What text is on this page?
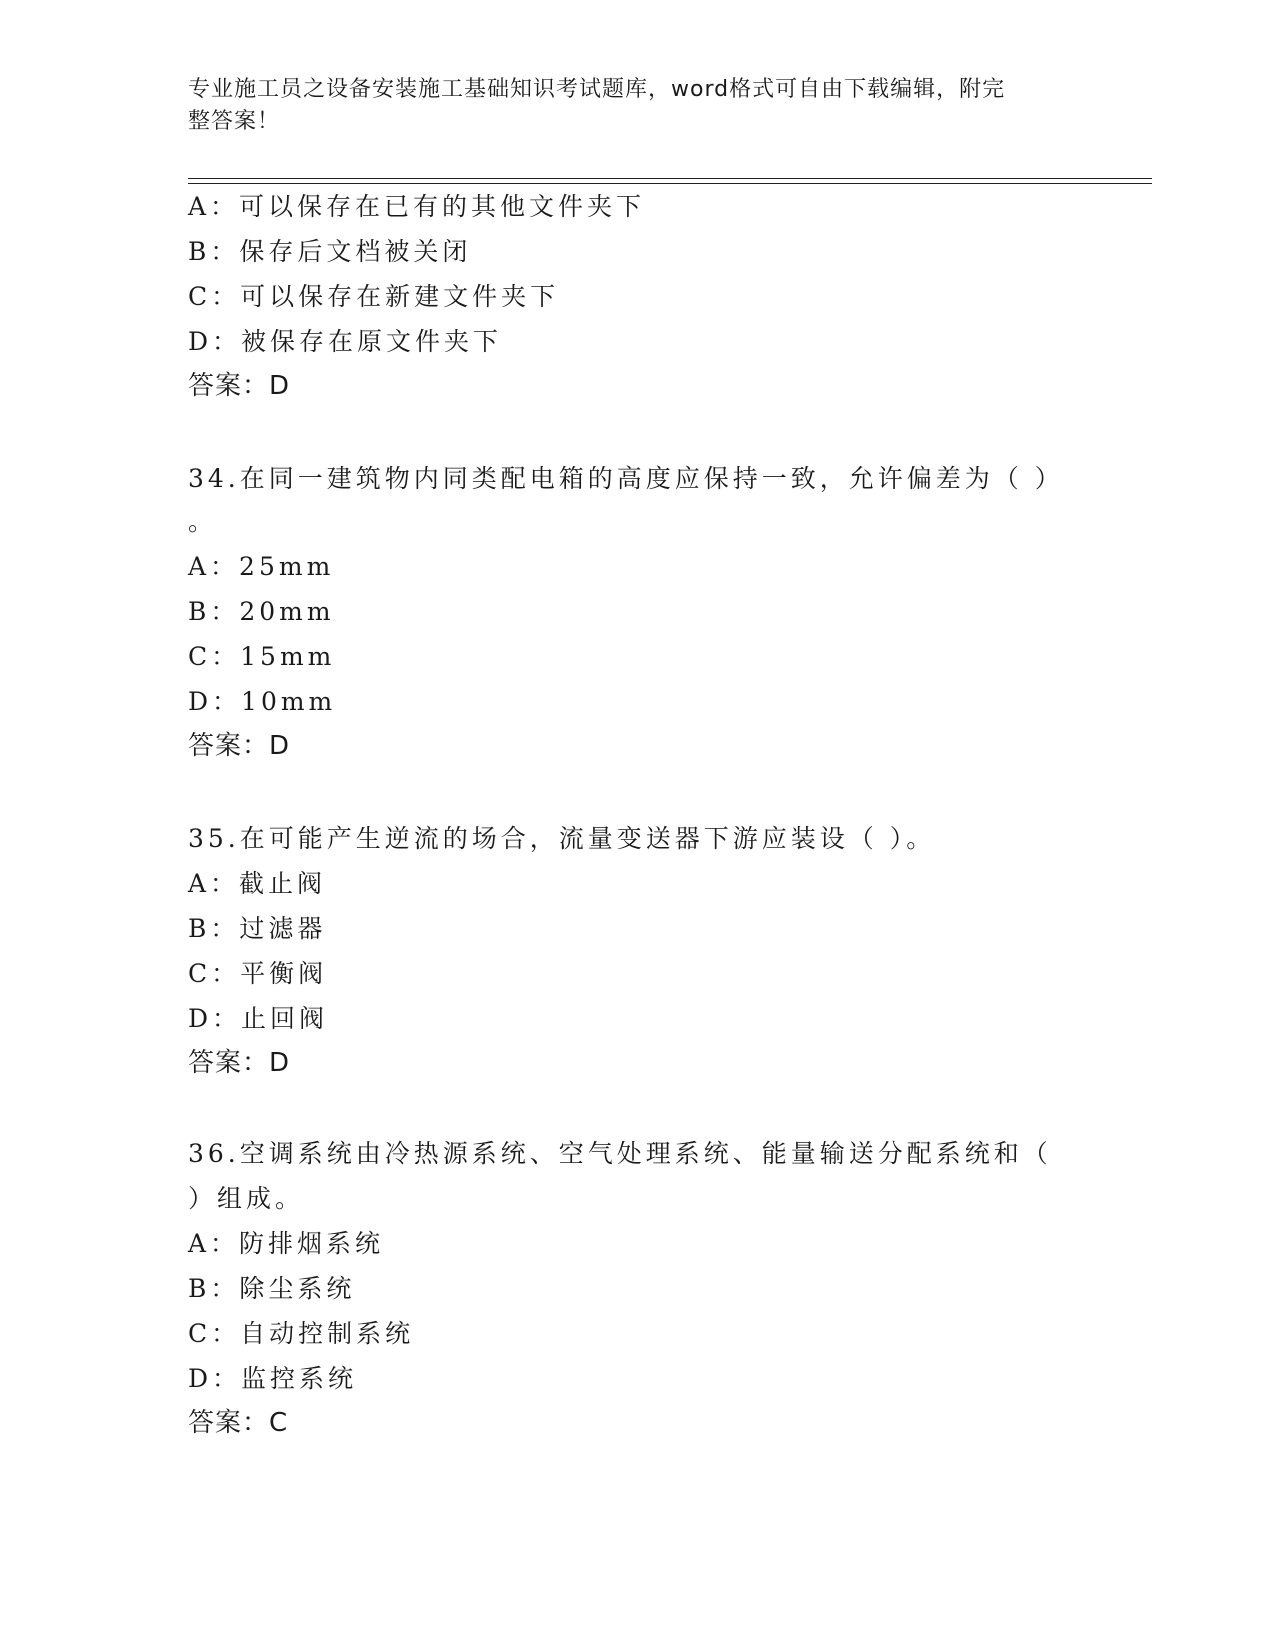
专业施工员之设备安装施工基础知识考试题库，word格式可自由下载编辑，附完
整答案！
A：可以保存在已有的其他文件夹下
B：保存后文档被关闭
C：可以保存在新建文件夹下
D：被保存在原文件夹下
答案：D
34.在同一建筑物内同类配电箱的高度应保持一致，允许偏差为（ ）
。
A：25mm
B：20mm
C：15mm
D：10mm
答案：D
35.在可能产生逆流的场合，流量变送器下游应装设（ ）。
A：截止阀
B：过滤器
C：平衡阀
D：止回阀
答案：D
36.空调系统由冷热源系统、空气处理系统、能量输送分配系统和（
）组成。
A：防排烟系统
B：除尘系统
C：自动控制系统
D：监控系统
答案：C
